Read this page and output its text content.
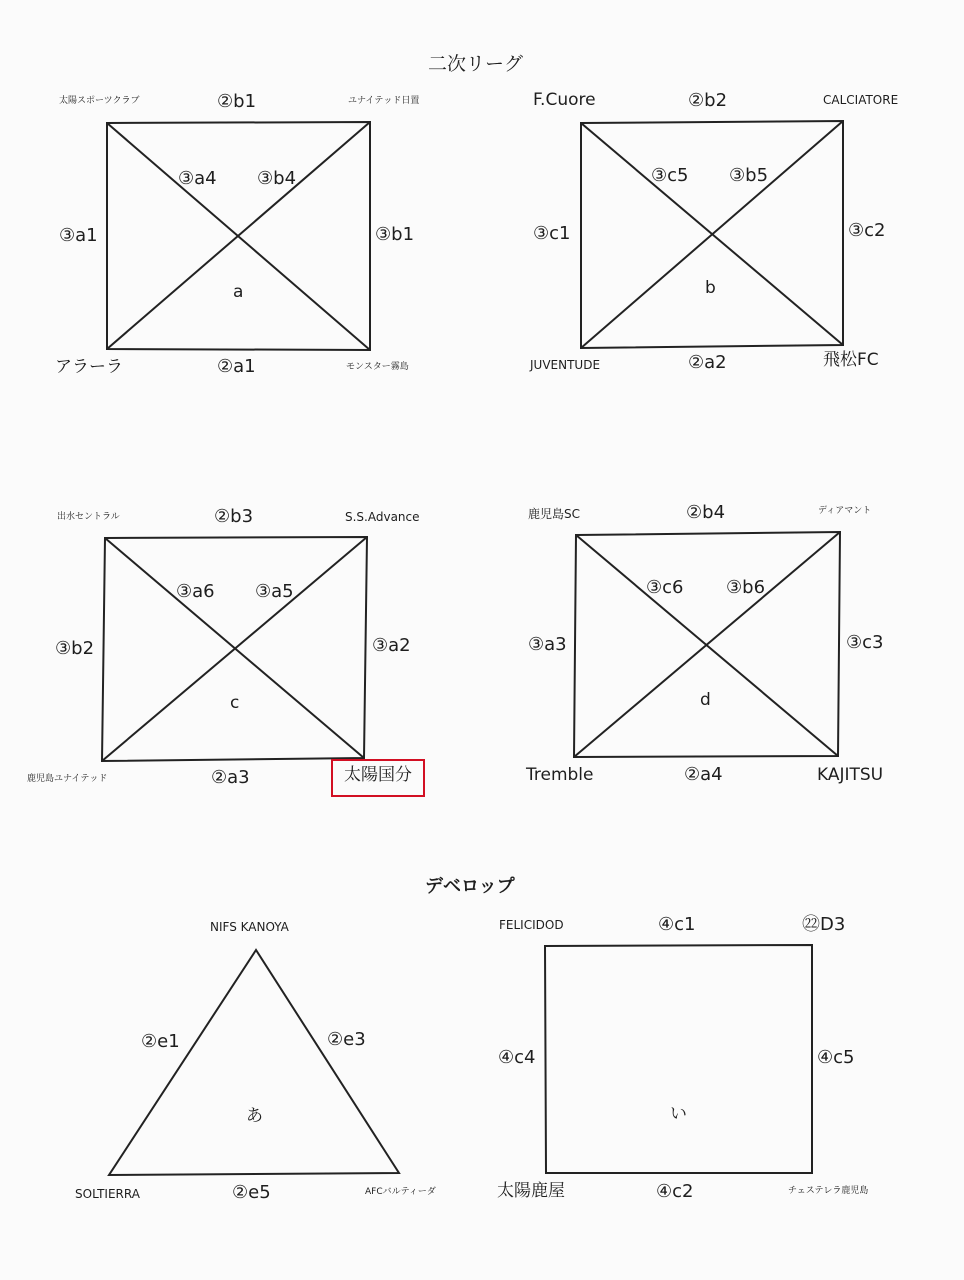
二次リーグ
デベロップ
太陽スポーツクラブ	ユナイテッド日置
アラーラ	モンスター霧島
②b1
②a1
③a1	③b1
③a4 ③b4
a
F.Cuore	CALCIATORE
JUVENTUDE	飛松FC
②b2
②a2
③c1	③c2
③c5 ③b5
b
出水セントラル	S.S.Advance
鹿児島ユナイテッド	太陽国分
②b3
②a3
③b2	③a2
③a6 ③a5
c
鹿児島SC	ディアマント
Tremble	KAJITSU
②b4
②a4
③a3	③c3
③c6 ③b6
d
NIFS KANOYA
SOLTIERRA	AFCバルティーダ
②e1	②e3
②e5
あ
FELICIDOD	㉒D3
太陽鹿屋	チェステレラ鹿児島
④c1
④c2
④c4	④c5
い
